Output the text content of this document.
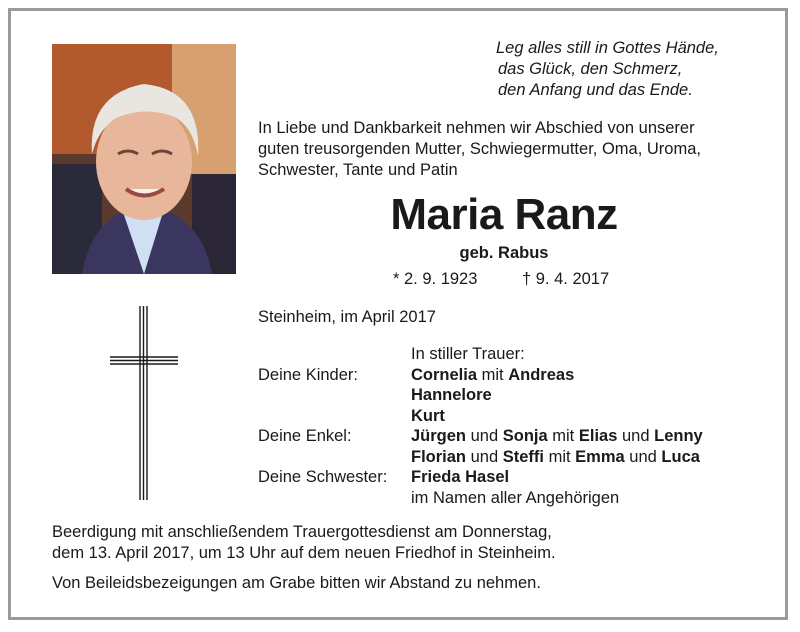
Leg alles still in Gottes Hände,
das Glück, den Schmerz,
den Anfang und das Ende.
In Liebe und Dankbarkeit nehmen wir Abschied von unserer
guten treusorgenden Mutter, Schwiegermutter, Oma, Uroma,
Schwester, Tante und Patin
Maria Ranz
geb. Rabus
* 2. 9. 1923	† 9. 4. 2017
Steinheim, im April 2017
In stiller Trauer:
Deine Kinder:	Cornelia mit Andreas
Hannelore
Kurt
Deine Enkel:	Jürgen und Sonja mit Elias und Lenny
Florian und Steffi mit Emma und Luca
Deine Schwester:	Frieda Hasel
im Namen aller Angehörigen
Beerdigung mit anschließendem Trauergottesdienst am Donnerstag,
dem 13. April 2017, um 13 Uhr auf dem neuen Friedhof in Steinheim.
Von Beileidsbezeigungen am Grabe bitten wir Abstand zu nehmen.
